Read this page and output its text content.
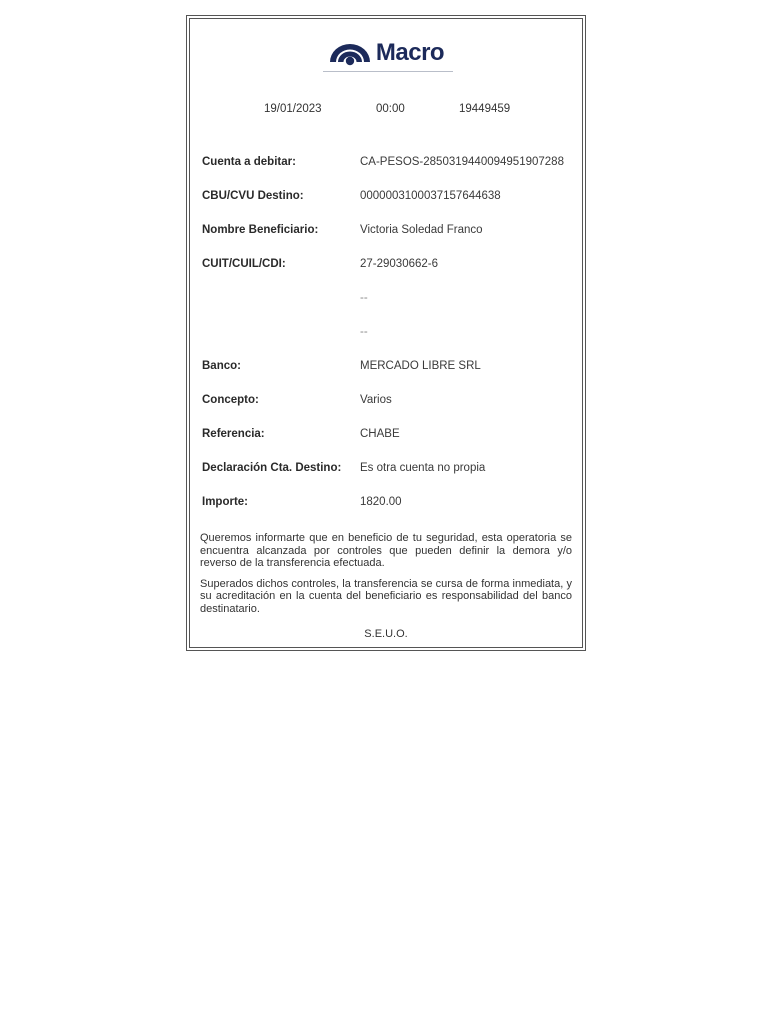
Macro
19/01/2023	00:00	19449459
Cuenta a debitar:	CA-PESOS-285031944009495190728​8
CBU/CVU Destino:	0000003100037157644638
Nombre Beneficiario:	Victoria Soledad Franco
CUIT/CUIL/CDI:	27-29030662-6
--
--
Banco:	MERCADO LIBRE SRL
Concepto:	Varios
Referencia:	CHABE
Declaración Cta. Destino: Es otra cuenta no propia
Importe:	1820.00

Queremos informarte que en beneficio de tu seguridad, esta operatoria se encuentra alcanzada por controles que pueden definir la demora y/o reverso de la transferencia efectuada.

Superados dichos controles, la transferencia se cursa de forma inmediata, y su acreditación en la cuenta del beneficiario es responsabilidad del banco destinatario.

S.E.U.O.
